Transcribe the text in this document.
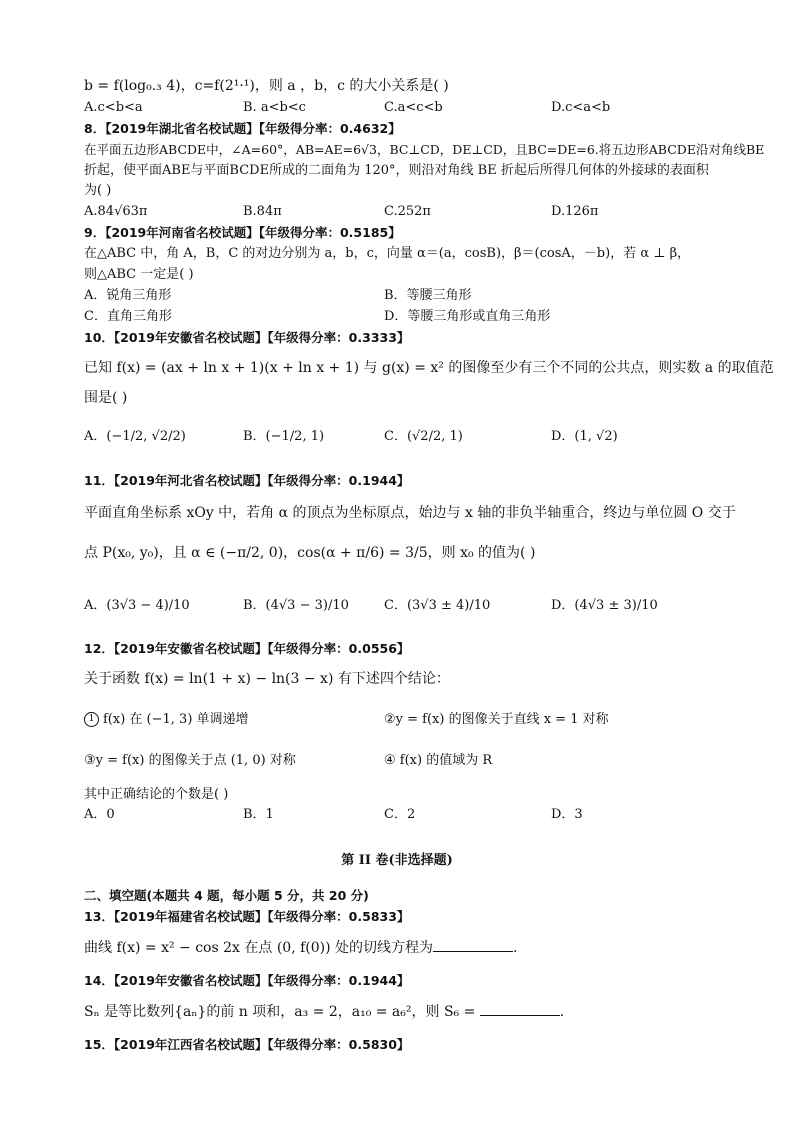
b = f(log₀.₃ 4)，c=f(2¹·¹)，则 a ，b，c 的大小关系是( )
A.c<b<a	B. a<b<c	C.a<c<b	D.c<a<b
8．【2019年湖北省名校试题】【年级得分率：0.4632】
在平面五边形ABCDE中，∠A=60°，AB=AE=6√3，BC⊥CD，DE⊥CD，且BC=DE=6.将五边形ABCDE沿对角线BE
折起，使平面ABE与平面BCDE所成的二面角为 120°，则沿对角线 BE 折起后所得几何体的外接球的表面积
为( )
A.84√63π	B.84π	C.252π	D.126π
9．【2019年河南省名校试题】【年级得分率：0.5185】
在△ABC 中，角 A，B，C 的对边分别为 a，b，c，向量 α＝(a，cosB)，β＝(cosA，－b)，若 α ⊥ β，
则△ABC 一定是( )
A．锐角三角形	B．等腰三角形
C．直角三角形	D．等腰三角形或直角三角形
10．【2019年安徽省名校试题】【年级得分率：0.3333】
已知 f(x) = (ax + ln x + 1)(x + ln x + 1) 与 g(x) = x² 的图像至少有三个不同的公共点，则实数 a 的取值范
围是( )
A．(−1/2, √2/2)	B．(−1/2, 1)	C．(√2/2, 1)	D．(1, √2)
11．【2019年河北省名校试题】【年级得分率：0.1944】
平面直角坐标系 xOy 中，若角 α 的顶点为坐标原点，始边与 x 轴的非负半轴重合，终边与单位圆 O 交于
点 P(x₀, y₀)，且 α ∈ (−π/2, 0)，cos(α + π/6) = 3/5，则 x₀ 的值为( )
A．(3√3 − 4)/10	B．(4√3 − 3)/10	C．(3√3 ± 4)/10	D．(4√3 ± 3)/10
12．【2019年安徽省名校试题】【年级得分率：0.0556】
关于函数 f(x) = ln(1 + x) − ln(3 − x) 有下述四个结论：
1 f(x) 在 (−1, 3) 单调递增	②y = f(x) 的图像关于直线 x = 1 对称
③y = f(x) 的图像关于点 (1, 0) 对称	④ f(x) 的值域为 R
其中正确结论的个数是( )
A．0	B．1	C．2	D．3
第 II 卷(非选择题)
二、填空题(本题共 4 题，每小题 5 分，共 20 分)
13．【2019年福建省名校试题】【年级得分率：0.5833】
曲线 f(x) = x² − cos 2x 在点 (0, f(0)) 处的切线方程为	.
14．【2019年安徽省名校试题】【年级得分率：0.1944】
Sₙ 是等比数列{aₙ}的前 n 项和，a₃ = 2，a₁₀ = a₆²，则 S₆ =	.
15．【2019年江西省名校试题】【年级得分率：0.5830】
